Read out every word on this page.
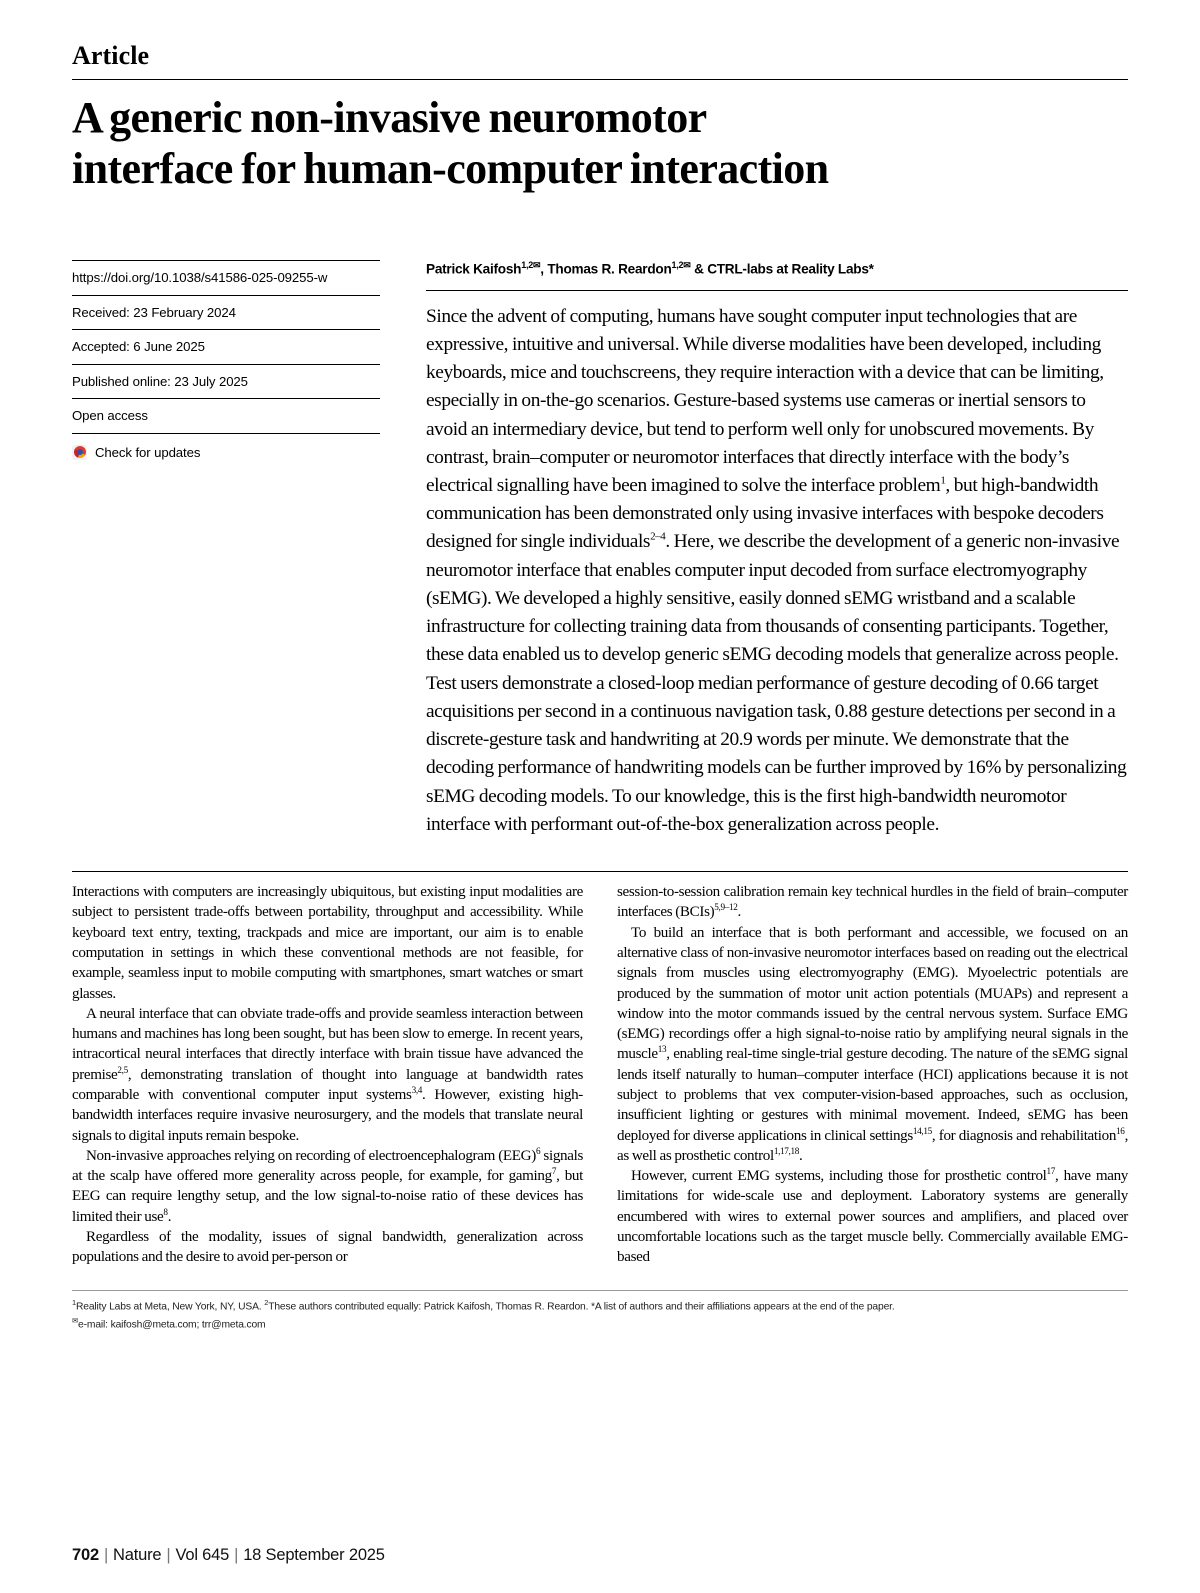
Article
A generic non-invasive neuromotor
interface for human-computer interaction
https://doi.org/10.1038/s41586-025-09255-w
Received: 23 February 2024
Accepted: 6 June 2025
Published online: 23 July 2025
Open access
Check for updates
Patrick Kaifosh$^{1,2✉}$, Thomas R. Reardon$^{1,2✉}$ & CTRL-labs at Reality Labs*
Since the advent of computing, humans have sought computer input technologies that are expressive, intuitive and universal. While diverse modalities have been developed, including keyboards, mice and touchscreens, they require interaction with a device that can be limiting, especially in on-the-go scenarios. Gesture-based systems use cameras or inertial sensors to avoid an intermediary device, but tend to perform well only for unobscured movements. By contrast, brain–computer or neuromotor interfaces that directly interface with the body’s electrical signalling have been imagined to solve the interface problem$^1$, but high-bandwidth communication has been demonstrated only using invasive interfaces with bespoke decoders designed for single individuals$^{2-4}$. Here, we describe the development of a generic non-invasive neuromotor interface that enables computer input decoded from surface electromyography (sEMG). We developed a highly sensitive, easily donned sEMG wristband and a scalable infrastructure for collecting training data from thousands of consenting participants. Together, these data enabled us to develop generic sEMG decoding models that generalize across people. Test users demonstrate a closed-loop median performance of gesture decoding of 0.66 target acquisitions per second in a continuous navigation task, 0.88 gesture detections per second in a discrete-gesture task and handwriting at 20.9 words per minute. We demonstrate that the decoding performance of handwriting models can be further improved by 16% by personalizing sEMG decoding models. To our knowledge, this is the first high-bandwidth neuromotor interface with performant out-of-the-box generalization across people.

Interactions with computers are increasingly ubiquitous, but existing input modalities are subject to persistent trade-offs between portability, throughput and accessibility. While keyboard text entry, texting, trackpads and mice are important, our aim is to enable computation in settings in which these conventional methods are not feasible, for example, seamless input to mobile computing with smartphones, smart watches or smart glasses.

A neural interface that can obviate trade-offs and provide seamless interaction between humans and machines has long been sought, but has been slow to emerge. In recent years, intracortical neural interfaces that directly interface with brain tissue have advanced the premise$^{2,5}$, demonstrating translation of thought into language at bandwidth rates comparable with conventional computer input systems$^{3,4}$. However, existing high-bandwidth interfaces require invasive neurosurgery, and the models that translate neural signals to digital inputs remain bespoke.

Non-invasive approaches relying on recording of electroencephalogram (EEG)$^6$ signals at the scalp have offered more generality across people, for example, for gaming$^7$, but EEG can require lengthy setup, and the low signal-to-noise ratio of these devices has limited their use$^8$.

Regardless of the modality, issues of signal bandwidth, generalization across populations and the desire to avoid per-person or

session-to-session calibration remain key technical hurdles in the field of brain–computer interfaces (BCIs)$^{5,9-12}$.

To build an interface that is both performant and accessible, we focused on an alternative class of non-invasive neuromotor interfaces based on reading out the electrical signals from muscles using electromyography (EMG). Myoelectric potentials are produced by the summation of motor unit action potentials (MUAPs) and represent a window into the motor commands issued by the central nervous system. Surface EMG (sEMG) recordings offer a high signal-to-noise ratio by amplifying neural signals in the muscle$^{13}$, enabling real-time single-trial gesture decoding. The nature of the sEMG signal lends itself naturally to human–computer interface (HCI) applications because it is not subject to problems that vex computer-vision-based approaches, such as occlusion, insufficient lighting or gestures with minimal movement. Indeed, sEMG has been deployed for diverse applications in clinical settings$^{14,15}$, for diagnosis and rehabilitation$^{16}$, as well as prosthetic control$^{1,17,18}$.

However, current EMG systems, including those for prosthetic control$^{17}$, have many limitations for wide-scale use and deployment. Laboratory systems are generally encumbered with wires to external power sources and amplifiers, and placed over uncomfortable locations such as the target muscle belly. Commercially available EMG-based

$^1$Reality Labs at Meta, New York, NY, USA. $^2$These authors contributed equally: Patrick Kaifosh, Thomas R. Reardon. *A list of authors and their affiliations appears at the end of the paper.
✉e-mail: kaifosh@meta.com; trr@meta.com
702 | Nature | Vol 645 | 18 September 2025
